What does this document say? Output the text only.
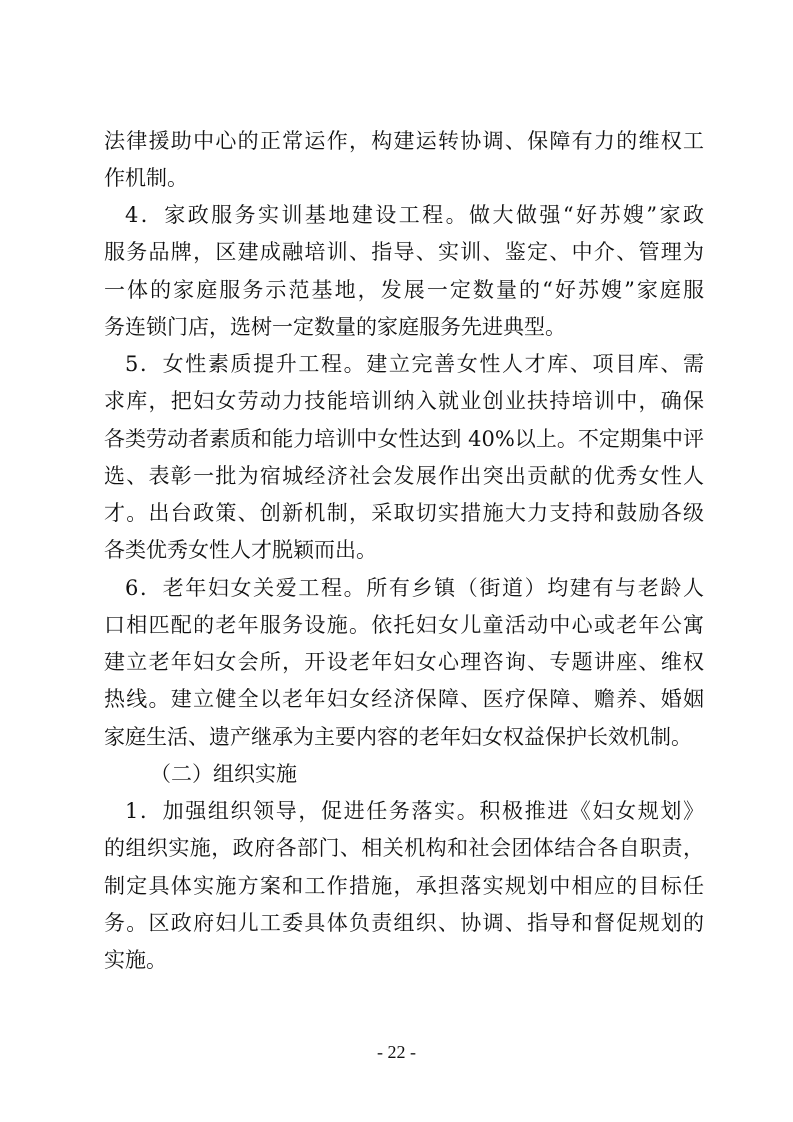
法律援助中心的正常运作，构建运转协调、保障有力的维权工
作机制。
4．家政服务实训基地建设工程。做大做强“好苏嫂”家政
服务品牌，区建成融培训、指导、实训、鉴定、中介、管理为
一体的家庭服务示范基地，发展一定数量的“好苏嫂”家庭服
务连锁门店，选树一定数量的家庭服务先进典型。
5．女性素质提升工程。建立完善女性人才库、项目库、需
求库，把妇女劳动力技能培训纳入就业创业扶持培训中，确保
各类劳动者素质和能力培训中女性达到 40%以上。不定期集中评
选、表彰一批为宿城经济社会发展作出突出贡献的优秀女性人
才。出台政策、创新机制，采取切实措施大力支持和鼓励各级
各类优秀女性人才脱颖而出。
6．老年妇女关爱工程。所有乡镇（街道）均建有与老龄人
口相匹配的老年服务设施。依托妇女儿童活动中心或老年公寓
建立老年妇女会所，开设老年妇女心理咨询、专题讲座、维权
热线。建立健全以老年妇女经济保障、医疗保障、赡养、婚姻
家庭生活、遗产继承为主要内容的老年妇女权益保护长效机制。
（二）组织实施
1．加强组织领导，促进任务落实。积极推进《妇女规划》
的组织实施，政府各部门、相关机构和社会团体结合各自职责，
制定具体实施方案和工作措施，承担落实规划中相应的目标任
务。区政府妇儿工委具体负责组织、协调、指导和督促规划的
实施。
- 22 -
